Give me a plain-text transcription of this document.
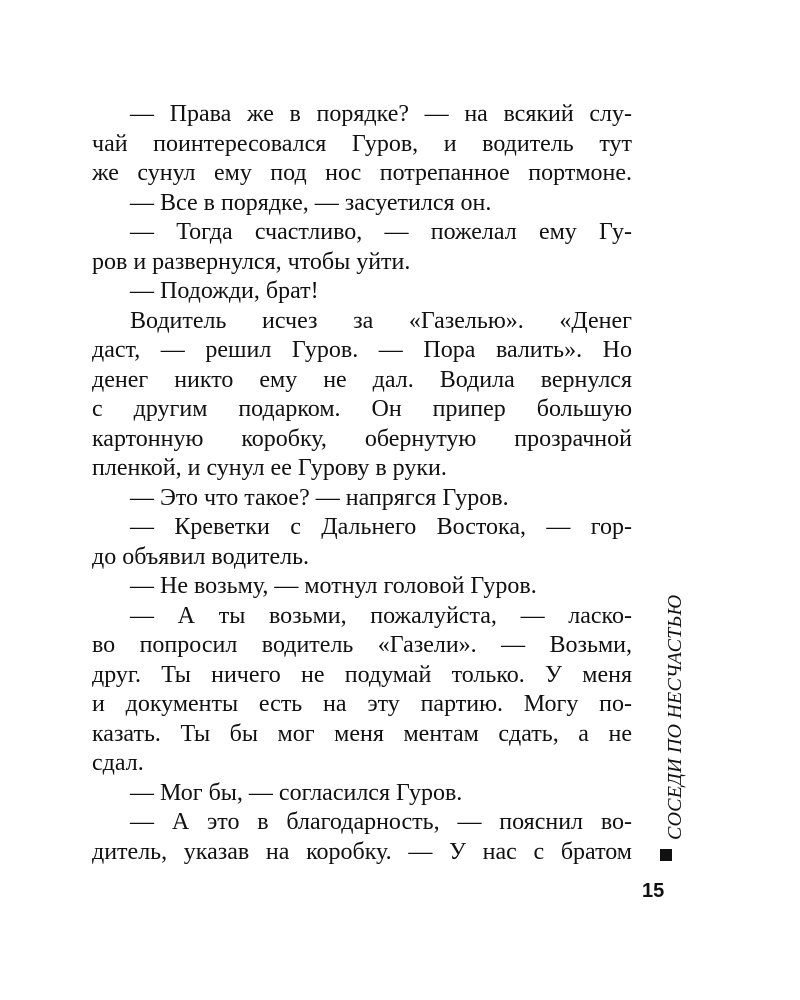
— Права же в порядке? — на всякий слу-
чай поинтересовался Гуров, и водитель тут
же сунул ему под нос потрепанное портмоне.
— Все в порядке, — засуетился он.
— Тогда счастливо, — пожелал ему Гу-
ров и развернулся, чтобы уйти.
— Подожди, брат!
Водитель исчез за «Газелью». «Денег
даст, — решил Гуров. — Пора валить». Но
денег никто ему не дал. Водила вернулся
с другим подарком. Он припер большую
картонную коробку, обернутую прозрачной
пленкой, и сунул ее Гурову в руки.
— Это что такое? — напрягся Гуров.
— Креветки с Дальнего Востока, — гор-
до объявил водитель.
— Не возьму, — мотнул головой Гуров.
— А ты возьми, пожалуйста, — ласко-
во попросил водитель «Газели». — Возьми,
друг. Ты ничего не подумай только. У меня
и документы есть на эту партию. Могу по-
казать. Ты бы мог меня ментам сдать, а не
сдал.
— Мог бы, — согласился Гуров.
— А это в благодарность, — пояснил во-
дитель, указав на коробку. — У нас с братом
СОСЕДИ ПО НЕСЧАСТЬЮ
15
